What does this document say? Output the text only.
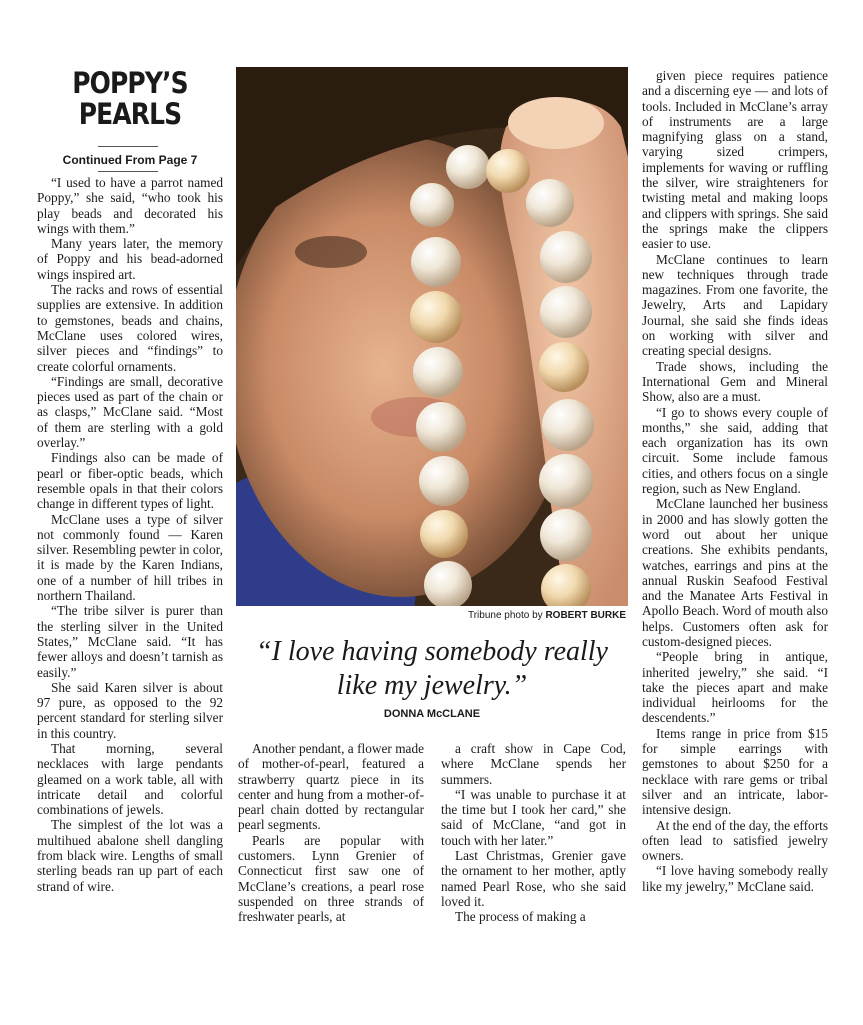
POPPY’S
PEARLS
Continued From Page 7

“I used to have a parrot named Poppy,” she said, “who took his play beads and decorated his wings with them.”

Many years later, the memory of Poppy and his bead-adorned wings inspired art.

The racks and rows of essential supplies are extensive. In addition to gemstones, beads and chains, McClane uses colored wires, silver pieces and “findings” to create colorful ornaments.

“Findings are small, decorative pieces used as part of the chain or as clasps,” McClane said. “Most of them are sterling with a gold overlay.”

Findings also can be made of pearl or fiber-optic beads, which resemble opals in that their colors change in different types of light.

McClane uses a type of silver not commonly found — Karen silver. Resembling pewter in color, it is made by the Karen Indians, one of a number of hill tribes in northern Thailand.

“The tribe silver is purer than the sterling silver in the United States,” McClane said. “It has fewer alloys and doesn’t tarnish as easily.”

She said Karen silver is about 97 pure, as opposed to the 92 percent standard for sterling silver in this country.

That morning, several necklaces with large pendants gleamed on a work table, all with intricate detail and colorful combinations of jewels.

The simplest of the lot was a multihued abalone shell dangling from black wire. Lengths of small sterling beads ran up part of each strand of wire.

Tribune photo by ROBERT BURKE
“I love having somebody really like my jewelry.”
DONNA McCLANE

Another pendant, a flower made of mother-of-pearl, featured a strawberry quartz piece in its center and hung from a mother-of-pearl chain dotted by rectangular pearl segments.

Pearls are popular with customers. Lynn Grenier of Connecticut first saw one of McClane’s creations, a pearl rose suspended on three strands of freshwater pearls, at

a craft show in Cape Cod, where McClane spends her summers.

“I was unable to purchase it at the time but I took her card,” she said of McClane, “and got in touch with her later.”

Last Christmas, Grenier gave the ornament to her mother, aptly named Pearl Rose, who she said loved it.

The process of making a

given piece requires patience and a discerning eye — and lots of tools. Included in McClane’s array of instruments are a large magnifying glass on a stand, varying sized crimpers, implements for waving or ruffling the silver, wire straighteners for twisting metal and making loops and clippers with springs. She said the springs make the clippers easier to use.

McClane continues to learn new techniques through trade magazines. From one favorite, the Jewelry, Arts and Lapidary Journal, she said she finds ideas on working with silver and creating special designs.

Trade shows, including the International Gem and Mineral Show, also are a must.

“I go to shows every couple of months,” she said, adding that each organization has its own circuit. Some include famous cities, and others focus on a single region, such as New England.

McClane launched her business in 2000 and has slowly gotten the word out about her unique creations. She exhibits pendants, watches, earrings and pins at the annual Ruskin Seafood Festival and the Manatee Arts Festival in Apollo Beach. Word of mouth also helps. Customers often ask for custom-designed pieces.

“People bring in antique, inherited jewelry,” she said. “I take the pieces apart and make individual heirlooms for the descendents.”

Items range in price from $15 for simple earrings with gemstones to about $250 for a necklace with rare gems or tribal silver and an intricate, labor-intensive design.

At the end of the day, the efforts often lead to satisfied jewelry owners.

“I love having somebody really like my jewelry,” McClane said.
